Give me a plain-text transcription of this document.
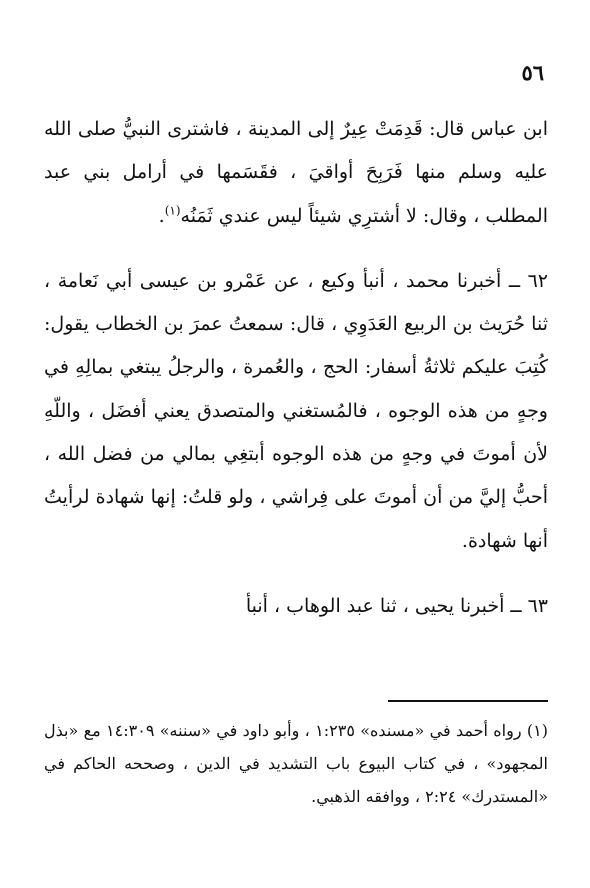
٥٦

ابن عباس قال: قَدِمَتْ عِيرٌ إلى المدينة ، فاشترى النبيُّ صلى الله عليه وسلم منها فَرَبِحَ أواقيَ ، فقَسَمها في أرامل بني عبد المطلب ، وقال: لا أشترِي شيئاً ليس عندي ثَمَنُه$^{(١)}$.

٦٢ ــ أخبرنا محمد ، أنبأ وكيع ، عن عَمْرو بن عيسى أبي نَعامة ، ثنا حُرَيث بن الربيع العَدَوِي ، قال: سمعتُ عمرَ بن الخطاب يقول: كُتِبَ عليكم ثلاثةُ أسفار: الحج ، والعُمرة ، والرجلُ يبتغي بمالِهِ في وجهٍ من هذه الوجوه ، فالمُستغني والمتصدق يعني أفضَل ، واللّهِ لأن أموتَ في وجهٍ من هذه الوجوه أبتغِي بمالي من فضل الله ، أحبُّ إليَّ من أن أموتَ على فِراشي ، ولو قلتُ: إنها شهادة لرأيتُ أنها شهادة.

٦٣ ــ أخبرنا يحيى ، ثنا عبد الوهاب ، أنبأ

(١) رواه أحمد في «مسنده» ١:٢٣٥ ، وأبو داود في «سننه» ١٤:٣٠٩ مع «بذل المجهود» ، في كتاب البيوع باب التشديد في الدين ، وصححه الحاكم في «المستدرك» ٢:٢٤ ، ووافقه الذهبي.
